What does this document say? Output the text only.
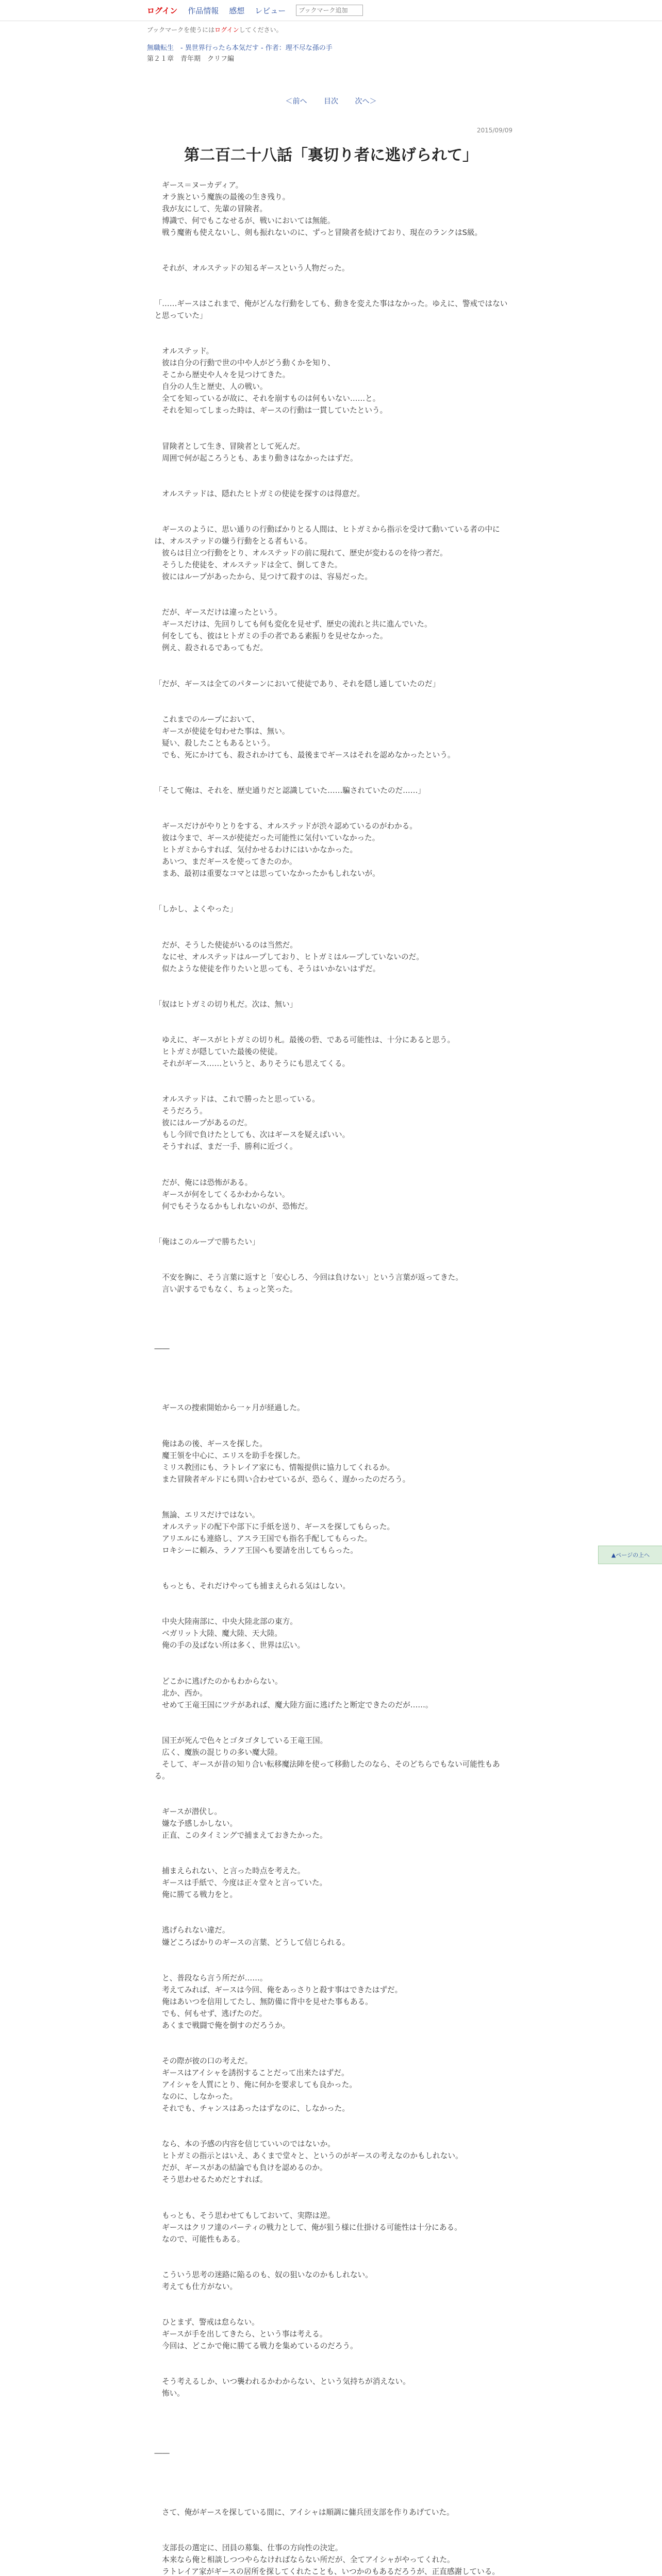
ログイン 作品情報 感想 レビュー
ブックマーク追加
ブックマークを使うにはログインしてください。
無職転生　- 異世界行ったら本気だす - 作者：理不尽な孫の手
第２１章　青年期　クリフ編
＜前へ 目次 次へ＞
2015/09/09
第二百二十八話「裏切り者に逃げられて」

　ギース＝ヌーカディア。
　オラ族という魔族の最後の生き残り。
　我が友にして、先輩の冒険者。
　博識で、何でもこなせるが、戦いにおいては無能。
　戦う魔術も使えないし、剣も振れないのに、ずっと冒険者を続けており、現在のランクはS級。

　それが、オルステッドの知るギースという人物だった。

「……ギースはこれまで、俺がどんな行動をしても、動きを変えた事はなかった。ゆえに、警戒ではないと思っていた」

　オルステッド。
　彼は自分の行動で世の中や人がどう動くかを知り、
　そこから歴史や人々を見つけてきた。
　自分の人生と歴史、人の戦い。
　全てを知っているが故に、それを崩すものは何もいない……と。
　それを知ってしまった時は、ギースの行動は一貫していたという。

　冒険者として生き、冒険者として死んだ。
　周囲で何が起ころうとも、あまり動きはなかったはずだ。

　オルステッドは、隠れたヒトガミの使徒を探すのは得意だ。

　ギースのように、思い通りの行動ばかりとる人間は、ヒトガミから指示を受けて動いている者の中には、オルステッドの嫌う行動をとる者もいる。
　彼らは目立つ行動をとり、オルステッドの前に現れて、歴史が変わるのを待つ者だ。
　そうした使徒を、オルステッドは全て、倒してきた。
　彼にはループがあったから、見つけて殺すのは、容易だった。

　だが、ギースだけは違ったという。
　ギースだけは、先回りしても何も変化を見せず、歴史の流れと共に進んでいた。
　何をしても、彼はヒトガミの手の者である素振りを見せなかった。
　例え、殺されるであってもだ。

「だが、ギースは全てのパターンにおいて使徒であり、それを隠し通していたのだ」

　これまでのループにおいて、
　ギースが使徒を匂わせた事は、無い。
　疑い、殺したこともあるという。
　でも、死にかけても、殺されかけても、最後までギースはそれを認めなかったという。

「そして俺は、それを、歴史通りだと認識していた……騙されていたのだ……」

　ギースだけがやりとりをする、オルステッドが渋々認めているのがわかる。
　彼は今まで、ギースが使徒だった可能性に気付いていなかった。
　ヒトガミからすれば、気付かせるわけにはいかなかった。
　あいつ、まだギースを使ってきたのか。
　まあ、最初は重要なコマとは思っていなかったかもしれないが。

「しかし、よくやった」

　だが、そうした使徒がいるのは当然だ。
　なにせ、オルステッドはループしており、ヒトガミはループしていないのだ。
　似たような使徒を作りたいと思っても、そうはいかないはずだ。

「奴はヒトガミの切り札だ。次は、無い」

　ゆえに、ギースがヒトガミの切り札。最後の砦、である可能性は、十分にあると思う。
　ヒトガミが隠していた最後の使徒。
　それがギース……というと、ありそうにも思えてくる。

　オルステッドは、これで勝ったと思っている。
　そうだろう。
　彼にはループがあるのだ。
　もし今回で負けたとしても、次はギースを疑えばいい。
　そうすれば、まだ一手、勝利に近づく。

　だが、俺には恐怖がある。
　ギースが何をしてくるかわからない。
　何でもそうなるかもしれないのが、恐怖だ。

「俺はこのループで勝ちたい」

　不安を胸に、そう言葉に返すと「安心しろ、今回は負けない」という言葉が返ってきた。
　言い訳するでもなく、ちょっと笑った。

――

　ギースの捜索開始から一ヶ月が経過した。

　俺はあの後、ギースを探した。
　魔王領を中心に、エリスを助手を探した。
　ミリス教団にも、ラトレイア家にも、情報提供に協力してくれるか。
　また冒険者ギルドにも問い合わせているが、恐らく、遅かったのだろう。

　無論、エリスだけではない。
　オルステッドの配下や部下に手紙を送り、ギースを探してもらった。
　アリエルにも連絡し、アスラ王国でも指名手配してもらった。
　ロキシーに頼み、ラノア王国へも要請を出してもらった。

　もっとも、それだけやっても捕まえられる気はしない。

　中央大陸南部に、中央大陸北部の東方。
　ベガリット大陸、魔大陸、天大陸。
　俺の手の及ばない所は多く、世界は広い。

　どこかに逃げたのかもわからない。
　北か、西か。
　せめて王竜王国にツテがあれば、魔大陸方面に逃げたと断定できたのだが……。

　国王が死んで色々とゴタゴタしている王竜王国。
　広く、魔族の混じりの多い魔大陸。
　そして、ギースが昔の知り合い転移魔法陣を使って移動したのなら、そのどちらでもない可能性もある。

　ギースが潜伏し。
　嫌な予感しかしない。
　正直、このタイミングで捕まえておきたかった。

　捕まえられない、と言った時点を考えた。
　ギースは手紙で、今度は正々堂々と言っていた。
　俺に勝てる戦力をと。

　逃げられない違だ。
　嫌どころばかりのギースの言葉、どうして信じられる。

　と、普段なら言う所だが……。
　考えてみれば、ギースは今回、俺をあっさりと殺す事はできたはずだ。
　俺はあいつを信用してたし、無防備に背中を見せた事もある。
　でも、何もせず、逃げたのだ。
　あくまで戦闘で俺を倒すのだろうか。

　その際が彼の口の考えだ。
　ギースはアイシャを誘拐することだって出来たはずだ。
　アイシャを人質にとり、俺に何かを要求しても良かった。
　なのに、しなかった。
　それでも、チャンスはあったはずなのに、しなかった。

　なら、本の予感の内容を信じていいのではないか。
　ヒトガミの指示とはいえ、あくまで堂々と、というのがギースの考えなのかもしれない。
　だが、ギースがあの結論でも負けを認めるのか。
　そう思わせるためだとすれば。

　もっとも、そう思わせてもしておいて、実際は逆。
　ギースはクリフ達のパーティの戦力として、俺が狙う様に仕掛ける可能性は十分にある。
　なので、可能性もある。

　こういう思考の迷路に陥るのも、奴の狙いなのかもしれない。
　考えても仕方がない。

　ひとまず、警戒は怠らない。
　ギースが手を出してきたら、という事は考える。
　今回は、どこかで俺に勝てる戦力を集めているのだろう。

　そう考えるしか、いつ襲われるかわからない、という気持ちが消えない。
　怖い。

――

　さて、俺がギースを探している間に、アイシャは順調に傭兵団支部を作りあげていた。

　支部長の選定に、団員の募集、仕事の方向性の決定。
　本来なら俺と相談しつつやらなければならない所だが、全てアイシャがやってくれた。
　ラトレイア家がギースの居所を探してくれたことも、いつかのもあるだろうが、正直感謝している。

▲ページの上へ
